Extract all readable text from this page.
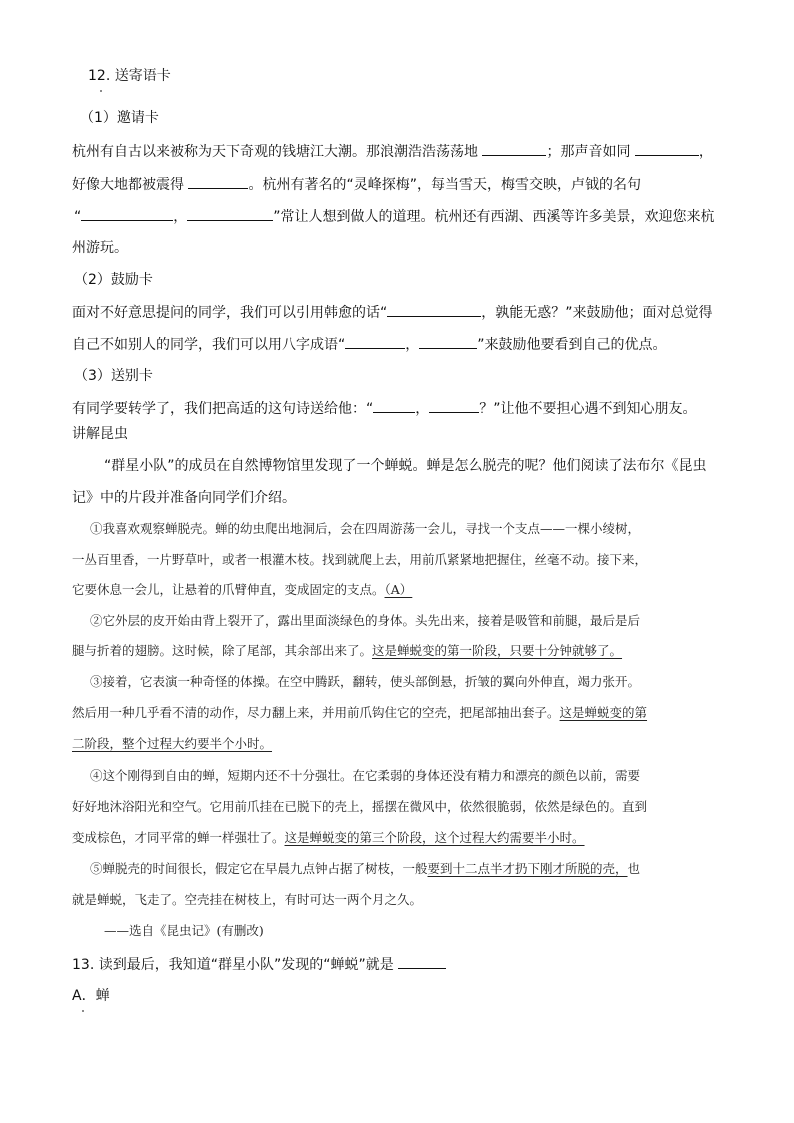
12. 送寄语卡
（1）邀请卡
杭州有自古以来被称为天下奇观的钱塘江大潮。那浪潮浩浩荡荡地	；那声音如同	，
好像大地都被震得	。杭州有著名的“灵峰探梅”，每当雪天，梅雪交映，卢钺的名句
“	，	”常让人想到做人的道理。杭州还有西湖、西溪等许多美景，欢迎您来杭
州游玩。
（2）鼓励卡
面对不好意思提问的同学，我们可以引用韩愈的话“	，孰能无惑？”来鼓励他；面对总觉得
自己不如别人的同学，我们可以用八字成语“	，	”来鼓励他要看到自己的优点。
（3）送别卡
有同学要转学了，我们把高适的这句诗送给他：“	，	？”让他不要担心遇不到知心朋友。
讲解昆虫
“群星小队”的成员在自然博物馆里发现了一个蝉蜕。蝉是怎么脱壳的呢？他们阅读了法布尔《昆虫
记》中的片段并准备向同学们介绍。
①我喜欢观察蝉脱壳。蝉的幼虫爬出地洞后，会在四周游荡一会儿，寻找一个支点——一棵小绫树，
一丛百里香，一片野草叶，或者一根灌木枝。找到就爬上去，用前爪紧紧地把握住，丝毫不动。接下来，
它要休息一会儿，让悬着的爪臂伸直，变成固定的支点。（A）
②它外层的皮开始由背上裂开了，露出里面淡绿色的身体。头先出来，接着是吸管和前腿，最后是后
腿与折着的翅膀。这时候，除了尾部，其余部出来了。这是蝉蜕变的第一阶段，只要十分钟就够了。
③接着，它表演一种奇怪的体操。在空中腾跃，翻转，使头部倒悬，折皱的翼向外伸直，竭力张开。
然后用一种几乎看不清的动作，尽力翻上来，并用前爪钩住它的空壳，把尾部抽出套子。这是蝉蜕变的第
二阶段，整个过程大约要半个小时。
④这个刚得到自由的蝉，短期内还不十分强壮。在它柔弱的身体还没有精力和漂亮的颜色以前，需要
好好地沐浴阳光和空气。它用前爪挂在已脱下的壳上，摇摆在微风中，依然很脆弱，依然是绿色的。直到
变成棕色，才同平常的蝉一样强壮了。这是蝉蜕变的第三个阶段，这个过程大约需要半小时。
⑤蝉脱壳的时间很长，假定它在早晨九点钟占据了树枝，一般要到十二点半才扔下刚才所脱的壳，也
就是蝉蜕，飞走了。空壳挂在树枝上，有时可达一两个月之久。
——选自《昆虫记》(有删改)
13. 读到最后，我知道“群星小队”发现的“蝉蜕”就是
A．蝉
